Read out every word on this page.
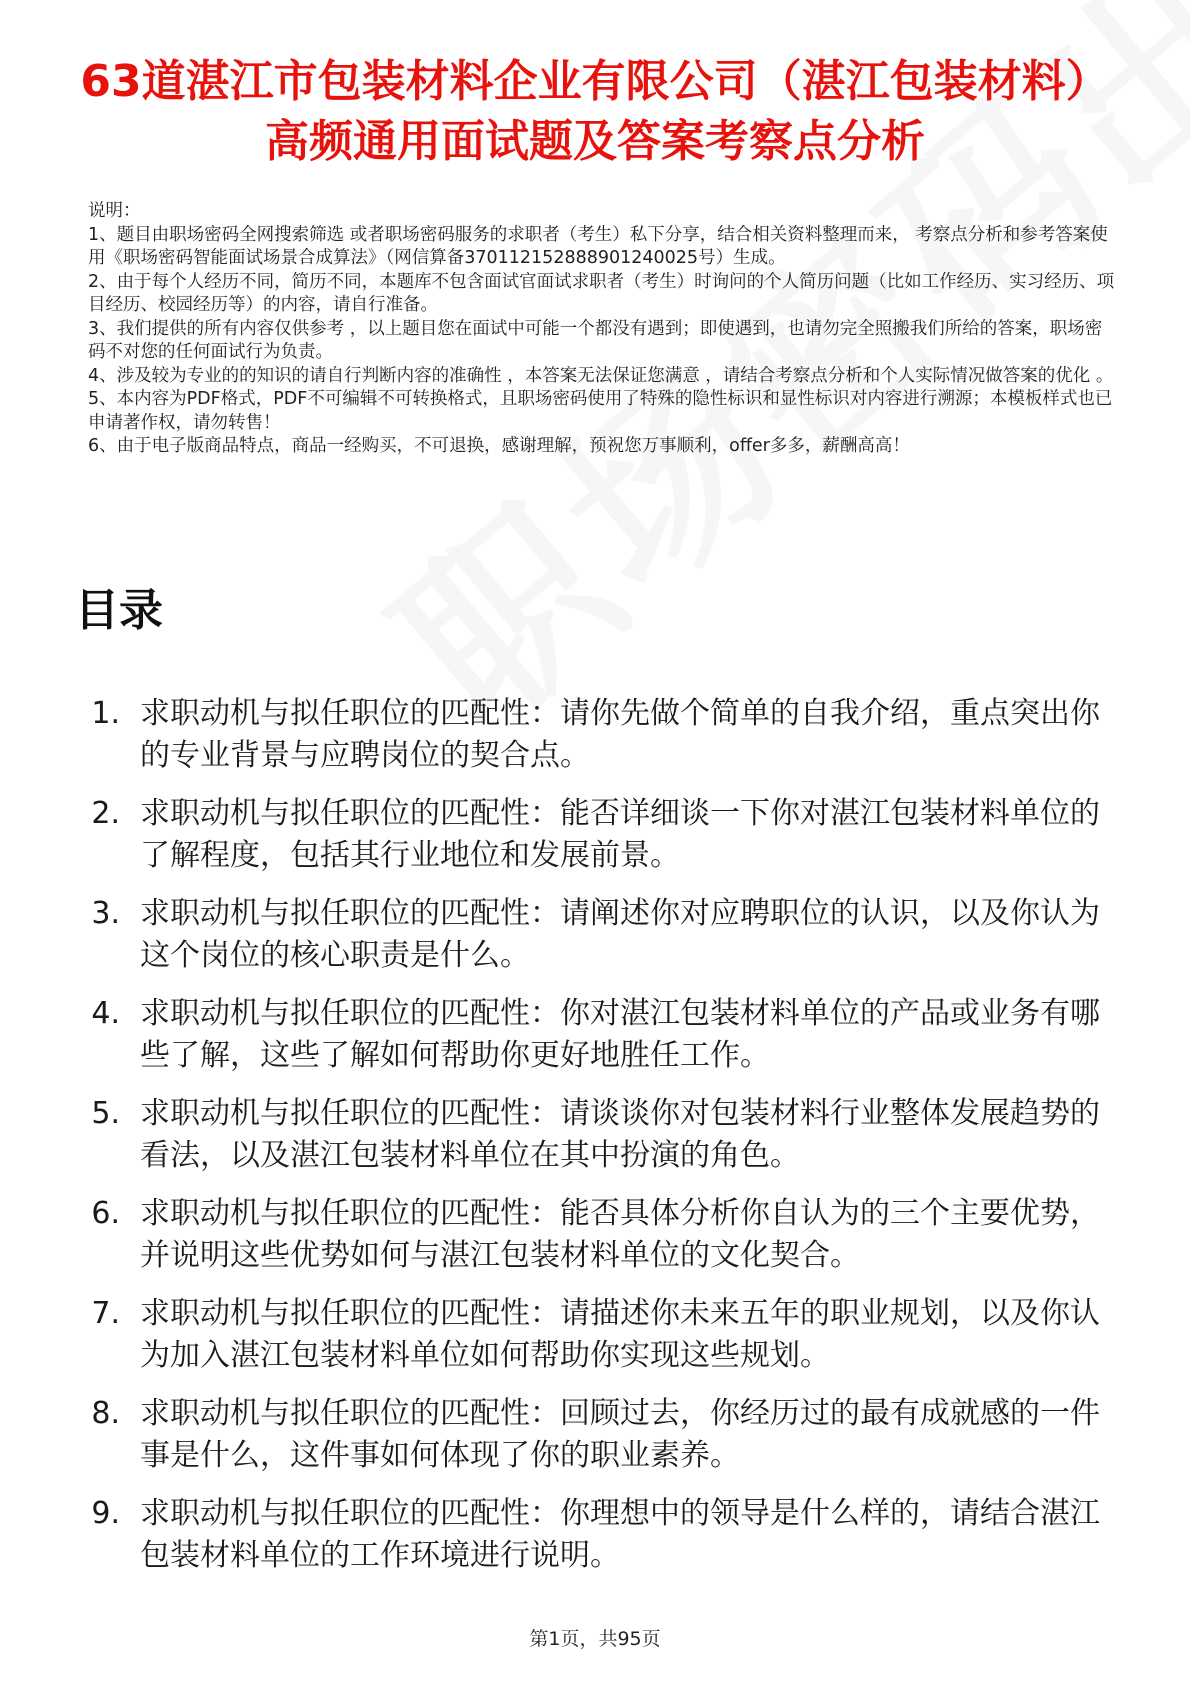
63道湛江市包装材料企业有限公司（湛江包装材料）高频通用面试题及答案考察点分析

说明：

1、题目由职场密码全网搜索筛选 或者职场密码服务的求职者（考生）私下分享，结合相关资料整理而来， 考察点分析和参考答案使用《职场密码智能面试场景合成算法》（网信算备370112152888901240025号）生成。

2、由于每个人经历不同，简历不同，本题库不包含面试官面试求职者（考生）时询问的个人简历问题（比如工作经历、实习经历、项目经历、校园经历等）的内容，请自行准备。

3、我们提供的所有内容仅供参考 ，以上题目您在面试中可能一个都没有遇到；即使遇到，也请勿完全照搬我们所给的答案，职场密码不对您的任何面试行为负责。

4、涉及较为专业的的知识的请自行判断内容的准确性 ，本答案无法保证您满意 ，请结合考察点分析和个人实际情况做答案的优化 。

5、本内容为PDF格式，PDF不可编辑不可转换格式，且职场密码使用了特殊的隐性标识和显性标识对内容进行溯源；本模板样式也已申请著作权，请勿转售！

6、由于电子版商品特点，商品一经购买，不可退换，感谢理解，预祝您万事顺利，offer多多，薪酬高高！

目录
1. 求职动机与拟任职位的匹配性：请你先做个简单的自我介绍，重点突出你的专业背景与应聘岗位的契合点。
2. 求职动机与拟任职位的匹配性：能否详细谈一下你对湛江包装材料单位的了解程度，包括其行业地位和发展前景。
3. 求职动机与拟任职位的匹配性：请阐述你对应聘职位的认识，以及你认为这个岗位的核心职责是什么。
4. 求职动机与拟任职位的匹配性：你对湛江包装材料单位的产品或业务有哪些了解，这些了解如何帮助你更好地胜任工作。
5. 求职动机与拟任职位的匹配性：请谈谈你对包装材料行业整体发展趋势的看法，以及湛江包装材料单位在其中扮演的角色。
6. 求职动机与拟任职位的匹配性：能否具体分析你自认为的三个主要优势，并说明这些优势如何与湛江包装材料单位的文化契合。
7. 求职动机与拟任职位的匹配性：请描述你未来五年的职业规划，以及你认为加入湛江包装材料单位如何帮助你实现这些规划。
8. 求职动机与拟任职位的匹配性：回顾过去，你经历过的最有成就感的一件事是什么，这件事如何体现了你的职业素养。
9. 求职动机与拟任职位的匹配性：你理想中的领导是什么样的，请结合湛江包装材料单位的工作环境进行说明。
第1页，共95页
